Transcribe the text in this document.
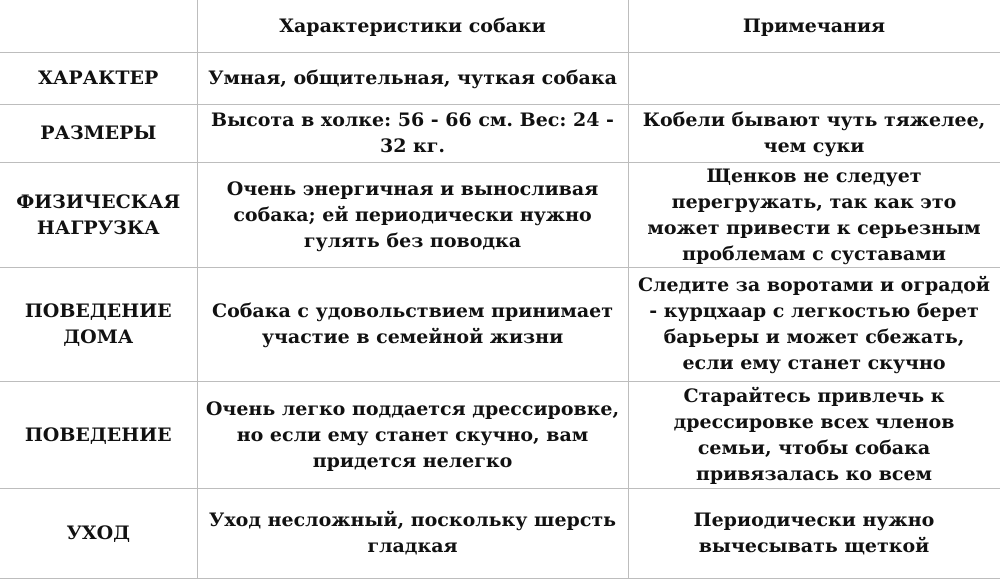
	Характеристики собаки	Примечания
ХАРАКТЕР	Умная, общительная, чуткая собака	
РАЗМЕРЫ	Высота в холке: 56 - 66 см. Вес: 24 - 32 кг.	Кобели бывают чуть тяжелее, чем суки
ФИЗИЧЕСКАЯ НАГРУЗКА	Очень энергичная и выносливая собака; ей периодически нужно гулять без поводка	Щенков не следует перегружать, так как это может привести к серьезным проблемам с суставами
ПОВЕДЕНИЕ ДОМА	Собака с удовольствием принимает участие в семейной жизни	Следите за воротами и оградой - курцхаар с легкостью берет барьеры и может сбежать, если ему станет скучно
ПОВЕДЕНИЕ	Очень легко поддается дрессировке, но если ему станет скучно, вам придется нелегко	Старайтесь привлечь к дрессировке всех членов семьи, чтобы собака привязалась ко всем
УХОД	Уход несложный, поскольку шерсть гладкая	Периодически нужно вычесывать щеткой
